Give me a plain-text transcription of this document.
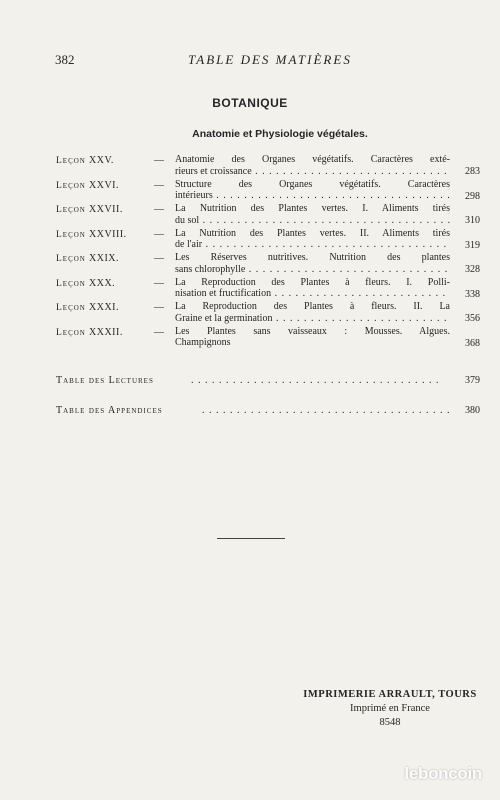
382	TABLE DES MATIÈRES
BOTANIQUE
Anatomie et Physiologie végétales.
Leçon XXV.	— Anatomie des Organes végétatifs. Caractères exté-
rieurs et croissance . . .	283
Leçon XXVI.	— Structure des Organes végétatifs. Caractères
intérieurs . . .	298
Leçon XXVII.	— La Nutrition des Plantes vertes. I. Aliments tirés
du sol . . .	310
Leçon XXVIII.	— La Nutrition des Plantes vertes. II. Aliments tirés
de l'air . . .	319
Leçon XXIX.	— Les Réserves nutritives. Nutrition des plantes
sans chlorophylle . . .	328
Leçon XXX.	— La Reproduction des Plantes à fleurs. I. Polli-
nisation et fructification . . .	338
Leçon XXXI.	— La Reproduction des Plantes à fleurs. II. La
Graine et la germination . . .	356
Leçon XXXII.	— Les Plantes sans vaisseaux : Mousses. Algues.
Champignons	368
Table des Lectures . . .	379
Table des Appendices . . .	380
IMPRIMERIE ARRAULT, TOURS
Imprimé en France
8548
leboncoin
